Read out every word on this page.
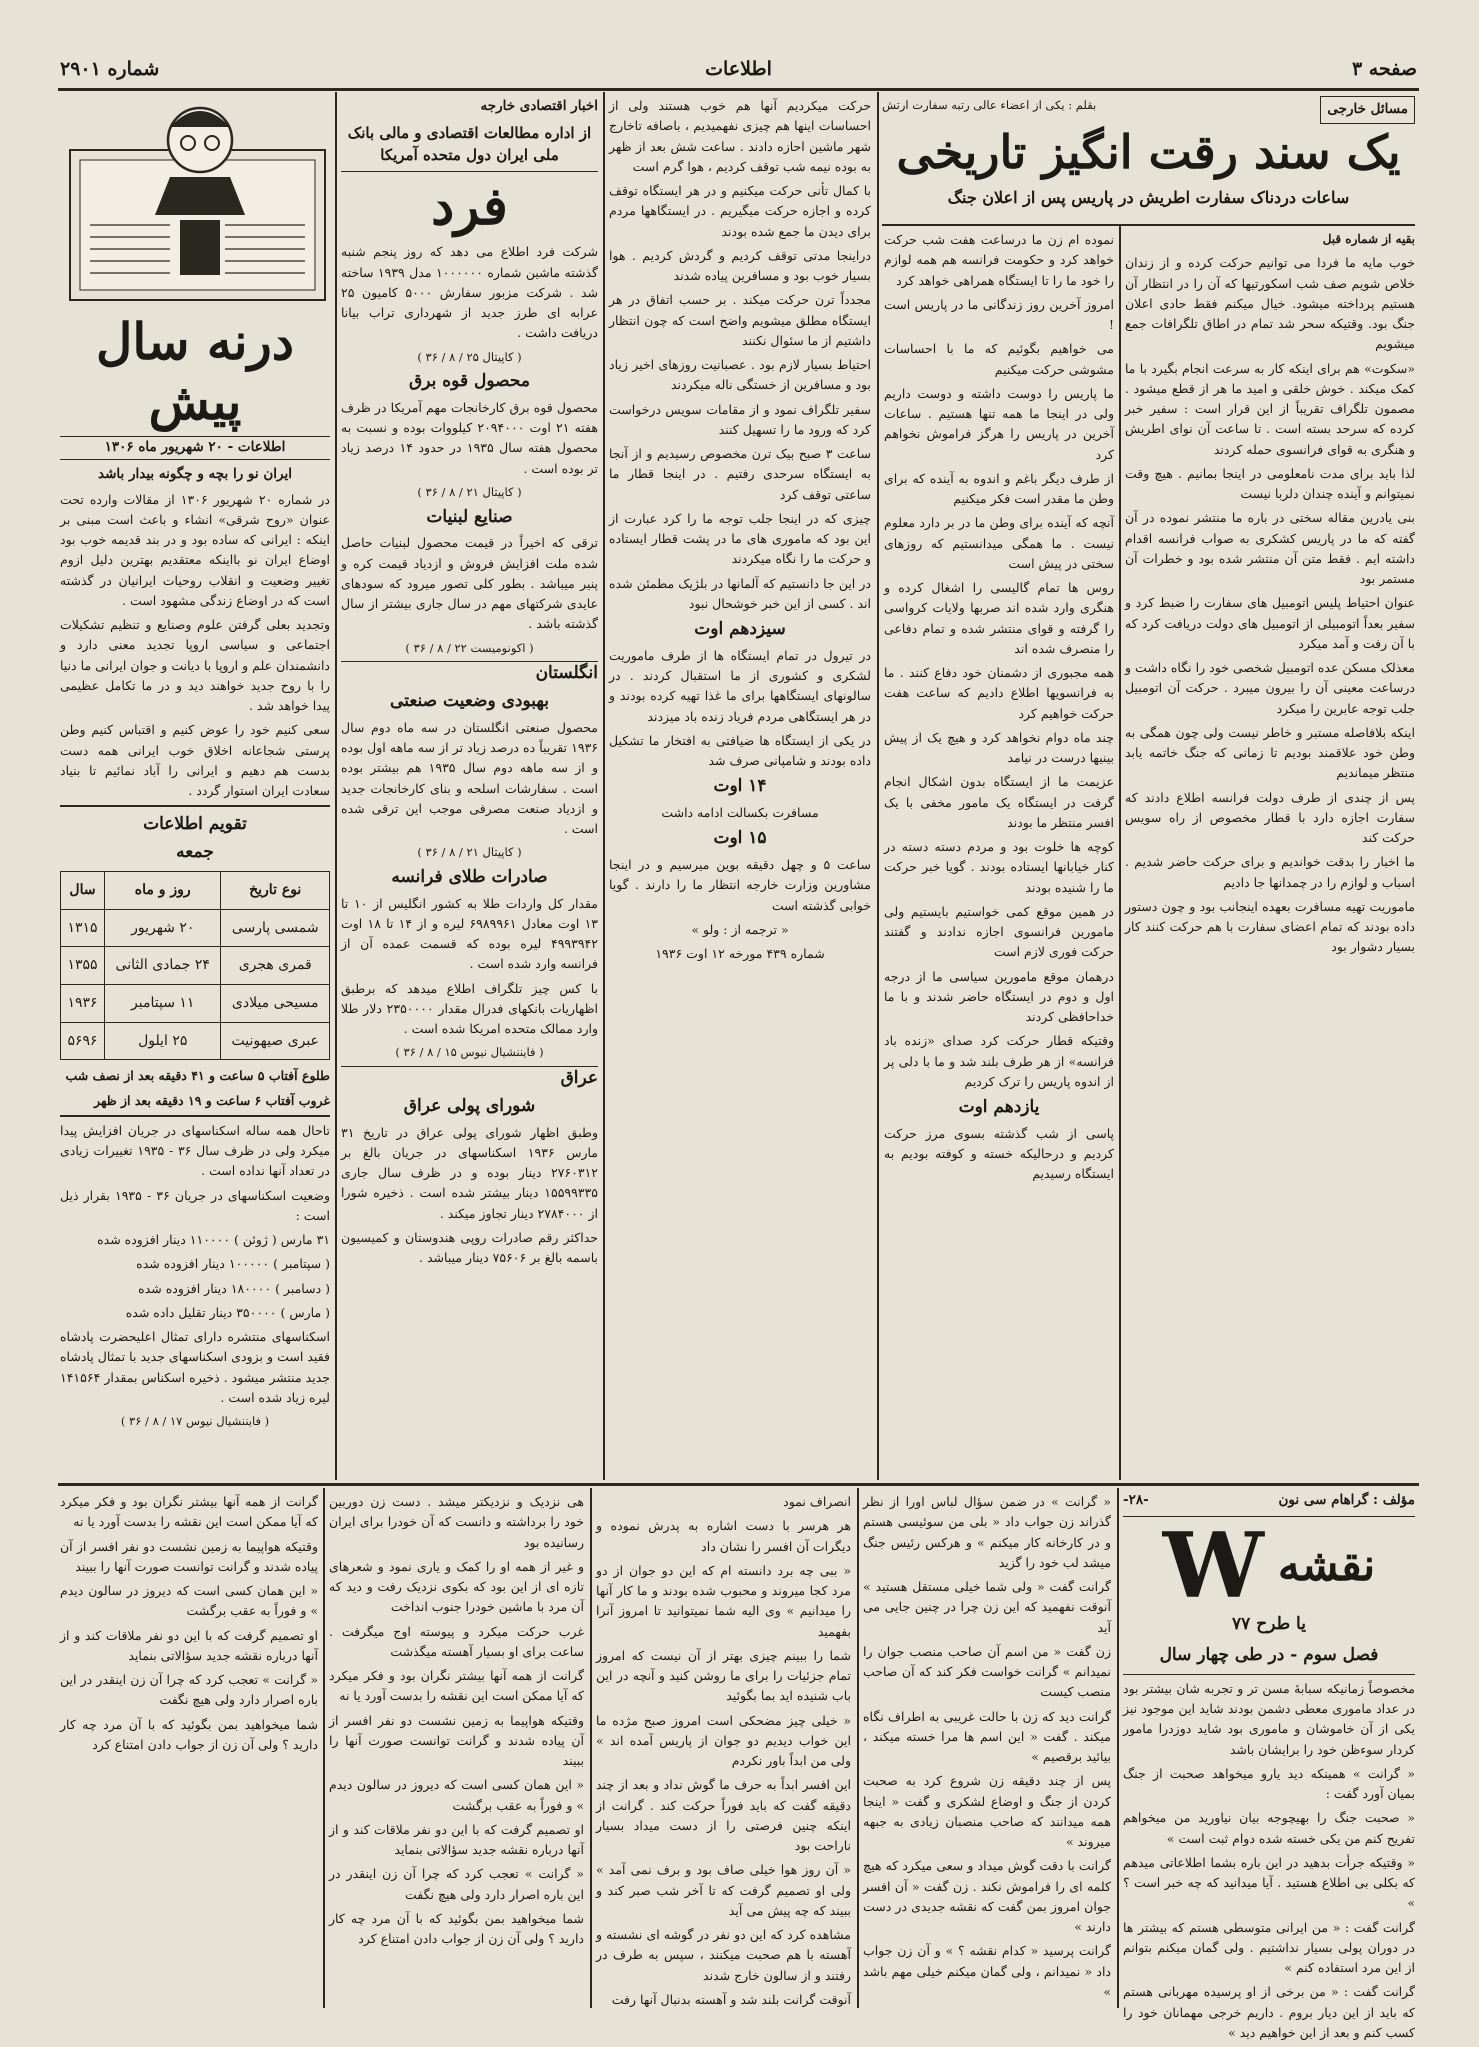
صفحه ۳
اطلاعات
شماره ۲۹۰۱
مسائل خارجی
بقلم : یکی از اعضاء عالی رتبه سفارت ارتش

یک سند رقت انگیز تاریخی

ساعات دردناک سفارت اطریش در پاریس پس از اعلان جنگ

بقیه از شماره قبل

خوب مایه ما فردا می توانیم حرکت کرده و از زندان خلاص شویم صف شب اسکورتیها که آن را در انتظار آن هستیم پرداخته میشود. خیال میکنم فقط حادی اعلان جنگ بود. وقتیکه سحر شد تمام در اطاق تلگرافات جمع میشویم

«سکوت» هم برای اینکه کار به سرعت انجام بگیرد با ما کمک میکند . خوش خلقی و امید ما هر از قطع میشود . مصمون تلگراف تقریباً از این قرار است : سفیر خبر کرده که سرحد بسته است . تا ساعت آن نوای اطریش و هنگری به قوای فرانسوی حمله کردند

لذا باید برای مدت نامعلومی در اینجا بمانیم . هیچ وقت نمیتوانم و آینده چندان دلربا نیست

بنی یادرین مقاله سختی در باره ما منتشر نموده در آن گفته که ما در پاریس کشکری به صواب فرانسه اقدام داشته ایم . فقط متن آن منتشر شده بود و خطرات آن مستمر بود

عنوان احتیاط پلیس اتومبیل های سفارت را ضبط کرد و سفیر بعداً اتومبیلی از اتومبیل های دولت دریافت کرد که با آن رفت و آمد میکرد

معذلک مسکن عده اتومبیل شخصی خود را نگاه داشت و درساعت معینی آن را بیرون میبرد . حرکت آن اتومبیل جلب توجه عابرین را میکرد

اینکه بلافاصله مستبر و خاطر نیست ولی چون همگی به وطن خود علاقمند بودیم تا زمانی که جنگ خاتمه یابد منتظر میماندیم

پس از چندی از طرف دولت فرانسه اطلاع دادند که سفارت اجازه دارد با قطار مخصوص از راه سویس حرکت کند

ما اخبار را بدقت خواندیم و برای حرکت حاضر شدیم . اسباب و لوازم را در چمدانها جا دادیم

ماموریت تهیه مسافرت بعهده اینجانب بود و چون دستور داده بودند که تمام اعضای سفارت با هم حرکت کنند کار بسیار دشوار بود

نموده ام زن ما درساعت هفت شب حرکت خواهد کرد و حکومت فرانسه هم همه لوازم را خود ما را تا ایستگاه همراهی خواهد کرد

امروز آخرین روز زندگانی ما در پاریس است !

می خواهیم بگوئیم که ما با احساسات مشوشی حرکت میکنیم

ما پاریس را دوست داشته و دوست داریم ولی در اینجا ما همه تنها هستیم . ساعات آخرین در پاریس را هرگز فراموش نخواهم کرد

از طرف دیگر باغم و اندوه به آینده که برای وطن ما مقدر است فکر میکنیم

آنچه که آینده برای وطن ما در بر دارد معلوم نیست . ما همگی میدانستیم که روزهای سختی در پیش است

روس ها تمام گالیسی را اشغال کرده و هنگری وارد شده اند صربها ولایات کرواسی را گرفته و قوای منتشر شده و تمام دفاعی را منصرف شده اند

همه مجبوری از دشمنان خود دفاع کنند . ما به فرانسویها اطلاع دادیم که ساعت هفت حرکت خواهیم کرد

چند ماه دوام نخواهد کرد و هیچ یک از پیش بینیها درست در نیامد

عزیمت ما از ایستگاه بدون اشکال انجام گرفت در ایستگاه یک مامور مخفی با یک افسر منتظر ما بودند

کوچه ها خلوت بود و مردم دسته دسته در کنار خیابانها ایستاده بودند . گویا خبر حرکت ما را شنیده بودند

در همین موقع کمی خواستیم بایستیم ولی مامورین فرانسوی اجازه ندادند و گفتند حرکت فوری لازم است

درهمان موقع مامورین سیاسی ما از درجه اول و دوم در ایستگاه حاضر شدند و با ما خداحافظی کردند

وقتیکه قطار حرکت کرد صدای «زنده باد فرانسه» از هر طرف بلند شد و ما با دلی پر از اندوه پاریس را ترک کردیم

یازدهم اوت

پاسی از شب گذشته بسوی مرز حرکت کردیم و درحالیکه خسته و کوفته بودیم به ایستگاه رسیدیم

حرکت میکردیم آنها هم خوب هستند ولی از احساسات اینها هم چیزی نفهمیدیم ، باصافه تاخارج شهر ماشین احازه دادند . ساعت شش بعد از ظهر به بوده نیمه شب توقف کردیم ، هوا گرم است

با کمال تأنی حرکت میکنیم و در هر ایستگاه توقف کرده و اجازه حرکت میگیریم . در ایستگاهها مردم برای دیدن ما جمع شده بودند

دراینجا مدتی توقف کردیم و گردش کردیم . هوا بسیار خوب بود و مسافرین پیاده شدند

مجدداً ترن حرکت میکند . بر حسب اتفاق در هر ایستگاه مطلق میشویم واضح است که چون انتظار داشتیم از ما سئوال نکنند

احتیاط بسیار لازم بود . عصبانیت روزهای اخیر زیاد بود و مسافرین از خستگی ناله میکردند

سفیر تلگراف نمود و از مقامات سویس درخواست کرد که ورود ما را تسهیل کنند

ساعت ۳ صبح بیک ترن مخصوص رسیدیم و از آنجا به ایستگاه سرحدی رفتیم . در اینجا قطار ما ساعتی توقف کرد

چیزی که در اینجا جلب توجه ما را کرد عبارت از این بود که ماموری های ما در پشت قطار ایستاده و حرکت ما را نگاه میکردند

در این جا دانستیم که آلمانها در بلژیک مطمئن شده اند . کسی از این خبر خوشحال نبود

سیزدهم اوت

در تیرول در تمام ایستگاه ها از طرف ماموریت لشکری و کشوری از ما استقبال کردند . در سالونهای ایستگاهها برای ما غذا تهیه کرده بودند و در هر ایستگاهی مردم فریاد زنده باد میزدند

در یکی از ایستگاه ها ضیافتی به افتخار ما تشکیل داده بودند و شامپانی صرف شد

۱۴ اوت

مسافرت بکسالت ادامه داشت

۱۵ اوت

ساعت ۵ و چهل دقیقه بوین میرسیم و در اینجا مشاورین وزارت خارجه انتظار ما را دارند . گویا خوابی گذشته است

« ترجمه از : ولو »

شماره ۴۳۹ مورخه ۱۲ اوت ۱۹۳۶

اخبار اقتصادی خارجه

از اداره مطالعات اقتصادی و مالی بانک ملی ایران دول متحده آمریکا

فرد

شرکت فرد اطلاع می دهد که روز پنجم شنبه گذشته ماشین شماره ۱۰۰۰۰۰۰ مدل ۱۹۳۹ ساخته شد . شرکت مزبور سفارش ۵۰۰۰ کامیون ۲۵ عرابه ای طرز جدید از شهرداری تراب بیانا دریافت داشت .

( کاپیتال ۲۵ / ۸ / ۳۶ )

محصول قوه برق

محصول قوه برق کارخانجات مهم آمریکا در ظرف هفته ۲۱ اوت ۲۰۹۴۰۰۰ کیلووات بوده و نسبت به محصول هفته سال ۱۹۳۵ در حدود ۱۴ درصد زیاد تر بوده است .

( کاپیتال ۲۱ / ۸ / ۳۶ )

صنایع لبنیات

ترقی که اخیراً در قیمت محصول لبنیات حاصل شده ملت افزایش فروش و ازدیاد قیمت کره و پنیر میباشد . بطور کلی تصور میرود که سودهای عایدی شرکتهای مهم در سال جاری بیشتر از سال گذشته باشد .

( اکونومیست ۲۲ / ۸ / ۳۶ )

انگلستان

بهبودی وضعیت صنعتی

محصول صنعتی انگلستان در سه ماه دوم سال ۱۹۳۶ تقریباً ده درصد زیاد تر از سه ماهه اول بوده و از سه ماهه دوم سال ۱۹۳۵ هم بیشتر بوده است . سفارشات اسلحه و بنای کارخانجات جدید و ازدیاد صنعت مصرفی موجب این ترقی شده است .

( کاپیتال ۲۱ / ۸ / ۳۶ )

صادرات طلای فرانسه

مقدار کل واردات طلا به کشور انگلیس از ۱۰ تا ۱۳ اوت معادل ۶۹۸۹۹۶۱ لیره و از ۱۴ تا ۱۸ اوت ۴۹۹۳۹۴۲ لیره بوده که قسمت عمده آن از فرانسه وارد شده است .

با کس چیز تلگراف اطلاع میدهد که برطبق اظهاریات بانکهای فدرال مقدار ۲۳۵۰۰۰۰ دلار طلا وارد ممالک متحده امریکا شده است .

( فایننشیال نیوس ۱۵ / ۸ / ۳۶ )

عراق

شورای پولی عراق

وطبق اظهار شورای پولی عراق در تاریخ ۳۱ مارس ۱۹۳۶ اسکناسهای در جریان بالغ بر ۲۷۶۰۳۱۲ دینار بوده و در ظرف سال جاری ۱۵۵۹۹۳۳۵ دینار بیشتر شده است . ذخیره شورا از ۲۷۸۴۰۰۰ دینار تجاوز میکند .

حداکثر رقم صادرات روپی هندوستان و کمیسیون باسمه بالغ بر ۷۵۶۰۶ دینار میباشد .

درنه سال پیش

اطلاعات - ۲۰ شهریور ماه ۱۳۰۶

ایران نو را بچه و چگونه بیدار باشد

در شماره ۲۰ شهریور ۱۳۰۶ از مقالات وارده تحت عنوان «روح شرقی» انشاء و باعث است مبنی بر اینکه : ایرانی که ساده بود و در بند قدیمه خوب بود اوضاع ایران نو بااینکه معتقدیم بهترین دلیل ازوم تغییر وضعیت و انقلاب روحیات ایرانیان در گذشته است که در اوضاع زندگی مشهود است .

وتجدید بعلی گرفتن علوم وصنایع و تنظیم تشکیلات اجتماعی و سیاسی اروپا تجدید معنی دارد و دانشمندان علم و اروپا با دیانت و جوان ایرانی ما دنیا را با روح جدید خواهند دید و در ما تکامل عظیمی پیدا خواهد شد .

سعی کنیم خود را عوض کنیم و اقتباس کنیم وطن پرستی شجاعانه اخلاق خوب ایرانی همه دست بدست هم دهیم و ایرانی را آباد نمائیم تا بنیاد سعادت ایران استوار گردد .

تقویم اطلاعات

جمعه

نوع تاریخ	روز و ماه	سال
شمسی پارسی	۲۰ شهریور	۱۳۱۵
قمری هجری	۲۴ جمادی الثانی	۱۳۵۵
مسیحی میلادی	۱۱ سپتامبر	۱۹۳۶
عبری صیهونیت	۲۵ ایلول	۵۶۹۶

طلوع آفتاب ۵ ساعت و ۴۱ دقیقه بعد از نصف شب

غروب آفتاب ۶ ساعت و ۱۹ دقیقه بعد از ظهر

تاحال همه ساله اسکناسهای در جریان افزایش پیدا میکرد ولی در ظرف سال ۳۶ - ۱۹۳۵ تغییرات زیادی در تعداد آنها نداده است .

وضعیت اسکناسهای در جریان ۳۶ - ۱۹۳۵ بقرار ذیل است :

۳۱ مارس ( ژوئن ) ۱۱۰۰۰۰ دینار افزوده شده

( سپتامبر ) ۱۰۰۰۰۰ دینار افزوده شده

( دسامبر ) ۱۸۰۰۰۰ دینار افزوده شده

( مارس ) ۳۵۰۰۰۰ دینار تقلیل داده شده

اسکناسهای منتشره دارای تمثال اعلیحضرت پادشاه فقید است و بزودی اسکناسهای جدید با تمثال پادشاه جدید منتشر میشود . ذخیره اسکناس بمقدار ۱۴۱۵۶۴ لیره زیاد شده است .

( فایننشیال نیوس ۱۷ / ۸ / ۳۶ )

مؤلف : گراهام سی نون
-۲۸-
نقشه
W

یا طرح ۷۷

فصل سوم - در طی چهار سال

مخصوصاً زمانیکه سبابهٔ مسن تر و تجربه شان بیشتر بود در عداد ماموری معطی دشمن بودند شاید این موجود نیز یکی از آن خاموشان و ماموری بود شاید دوزدرا مامور کردار سوءظن خود را برایشان باشد

« گرانت » همینکه دید یارو میخواهد صحبت از جنگ بمیان آورد گفت :

« صحبت جنگ را بهیچوجه بیان نیاورید من میخواهم تفریح کنم من یکی خسته شده دوام ثبت است »

« وقتیکه جرأت بدهید در این باره بشما اطلاعاتی میدهم که بکلی بی اطلاع هستید . آیا میدانید که چه خبر است ؟ »

گرانت گفت : « من ایرانی متوسطی هستم که بیشتر ها در دوران پولی بسیار نداشتیم . ولی گمان میکنم بتوانم از این مرد استفاده کنم »

گرانت گفت : « من برخی از او پرسیده مهربانی هستم که باید از این دیار بروم . داریم خرجی مهمانان خود را کسب کنم و بعد از این خواهیم دید »

« گرانت » در ضمن سؤال لباس اورا از نظر گذراند زن جواب داد « بلی من سوئیسی هستم و در کارخانه کار میکنم » و هرکس رئیس جنگ میشد لب خود را گزید

گرانت گفت « ولی شما خیلی مستقل هستید » آنوقت نفهمید که این زن چرا در چنین جایی می آید

زن گفت « من اسم آن صاحب منصب جوان را نمیدانم » گرانت خواست فکر کند که آن صاحب منصب کیست

گرانت دید که زن با حالت غریبی به اطراف نگاه میکند . گفت « این اسم ها مرا خسته میکند ، بیائید برقصیم »

پس از چند دقیقه زن شروع کرد به صحبت کردن از جنگ و اوضاع لشکری و گفت « اینجا همه میدانند که صاحب منصبان زیادی به جبهه میروند »

گرانت با دقت گوش میداد و سعی میکرد که هیچ کلمه ای را فراموش نکند . زن گفت « آن افسر جوان امروز بمن گفت که نقشه جدیدی در دست دارند »

گرانت پرسید « کدام نقشه ؟ » و آن زن جواب داد « نمیدانم ، ولی گمان میکنم خیلی مهم باشد »

انصراف نمود

هر هرسر با دست اشاره به پدرش نموده و دیگرات آن افسر را نشان داد

« ببی چه برد دانسته ام که این دو جوان از دو مرد کجا میروند و محبوب شده بودند و ما کار آنها را میدانیم » وی الیه شما نمیتوانید تا امروز آنرا بفهمید

شما را ببینم چیزی بهتر از آن نیست که امروز تمام جزئیات را برای ما روشن کنید و آنچه در این باب شنیده اید بما بگوئید

« خیلی چیز مضحکی است امروز صبح مژده ما این خواب دیدیم دو جوان از پاریس آمده اند » ولی من ابداً باور نکردم

این افسر ابداً به حرف ما گوش نداد و بعد از چند دقیقه گفت که باید فوراً حرکت کند . گرانت از اینکه چنین فرصتی را از دست میداد بسیار ناراحت بود

« آن روز هوا خیلی صاف بود و برف نمی آمد » ولی او تصمیم گرفت که تا آخر شب صبر کند و ببیند که چه پیش می آید

مشاهده کرد که این دو نفر در گوشه ای نشسته و آهسته با هم صحبت میکنند ، سپس به طرف در رفتند و از سالون خارج شدند

آنوقت گرانت بلند شد و آهسته بدنبال آنها رفت

هی نزدیک و نزدیکتر میشد . دست زن دوربین خود را برداشته و دانست که آن خودرا برای ایران رسانیده بود

و غیر از همه او را کمک و یاری نمود و شعرهای تازه ای از این بود که بکوی نزدیک رفت و دید که آن مرد با ماشین خودرا جنوب انداخت

غرب حرکت میکرد و پیوسته اوج میگرفت . ساعت برای او بسیار آهسته میگذشت

گرانت از همه آنها بیشتر نگران بود و فکر میکرد که آیا ممکن است این نقشه را بدست آورد یا نه

وقتیکه هواپیما به زمین نشست دو نفر افسر از آن پیاده شدند و گرانت توانست صورت آنها را ببیند

« این همان کسی است که دیروز در سالون دیدم » و فوراً به عقب برگشت

او تصمیم گرفت که با این دو نفر ملاقات کند و از آنها درباره نقشه جدید سؤالاتی بنماید

« گرانت » تعجب کرد که چرا آن زن اینقدر در این باره اصرار دارد ولی هیچ نگفت

شما میخواهید بمن بگوئید که با آن مرد چه کار دارید ؟ ولی آن زن از جواب دادن امتناع کرد

گرانت از همه آنها بیشتر نگران بود و فکر میکرد که آیا ممکن است این نقشه را بدست آورد یا نه

وقتیکه هواپیما به زمین نشست دو نفر افسر از آن پیاده شدند و گرانت توانست صورت آنها را ببیند

« این همان کسی است که دیروز در سالون دیدم » و فوراً به عقب برگشت

او تصمیم گرفت که با این دو نفر ملاقات کند و از آنها درباره نقشه جدید سؤالاتی بنماید

« گرانت » تعجب کرد که چرا آن زن اینقدر در این باره اصرار دارد ولی هیچ نگفت

شما میخواهید بمن بگوئید که با آن مرد چه کار دارید ؟ ولی آن زن از جواب دادن امتناع کرد
